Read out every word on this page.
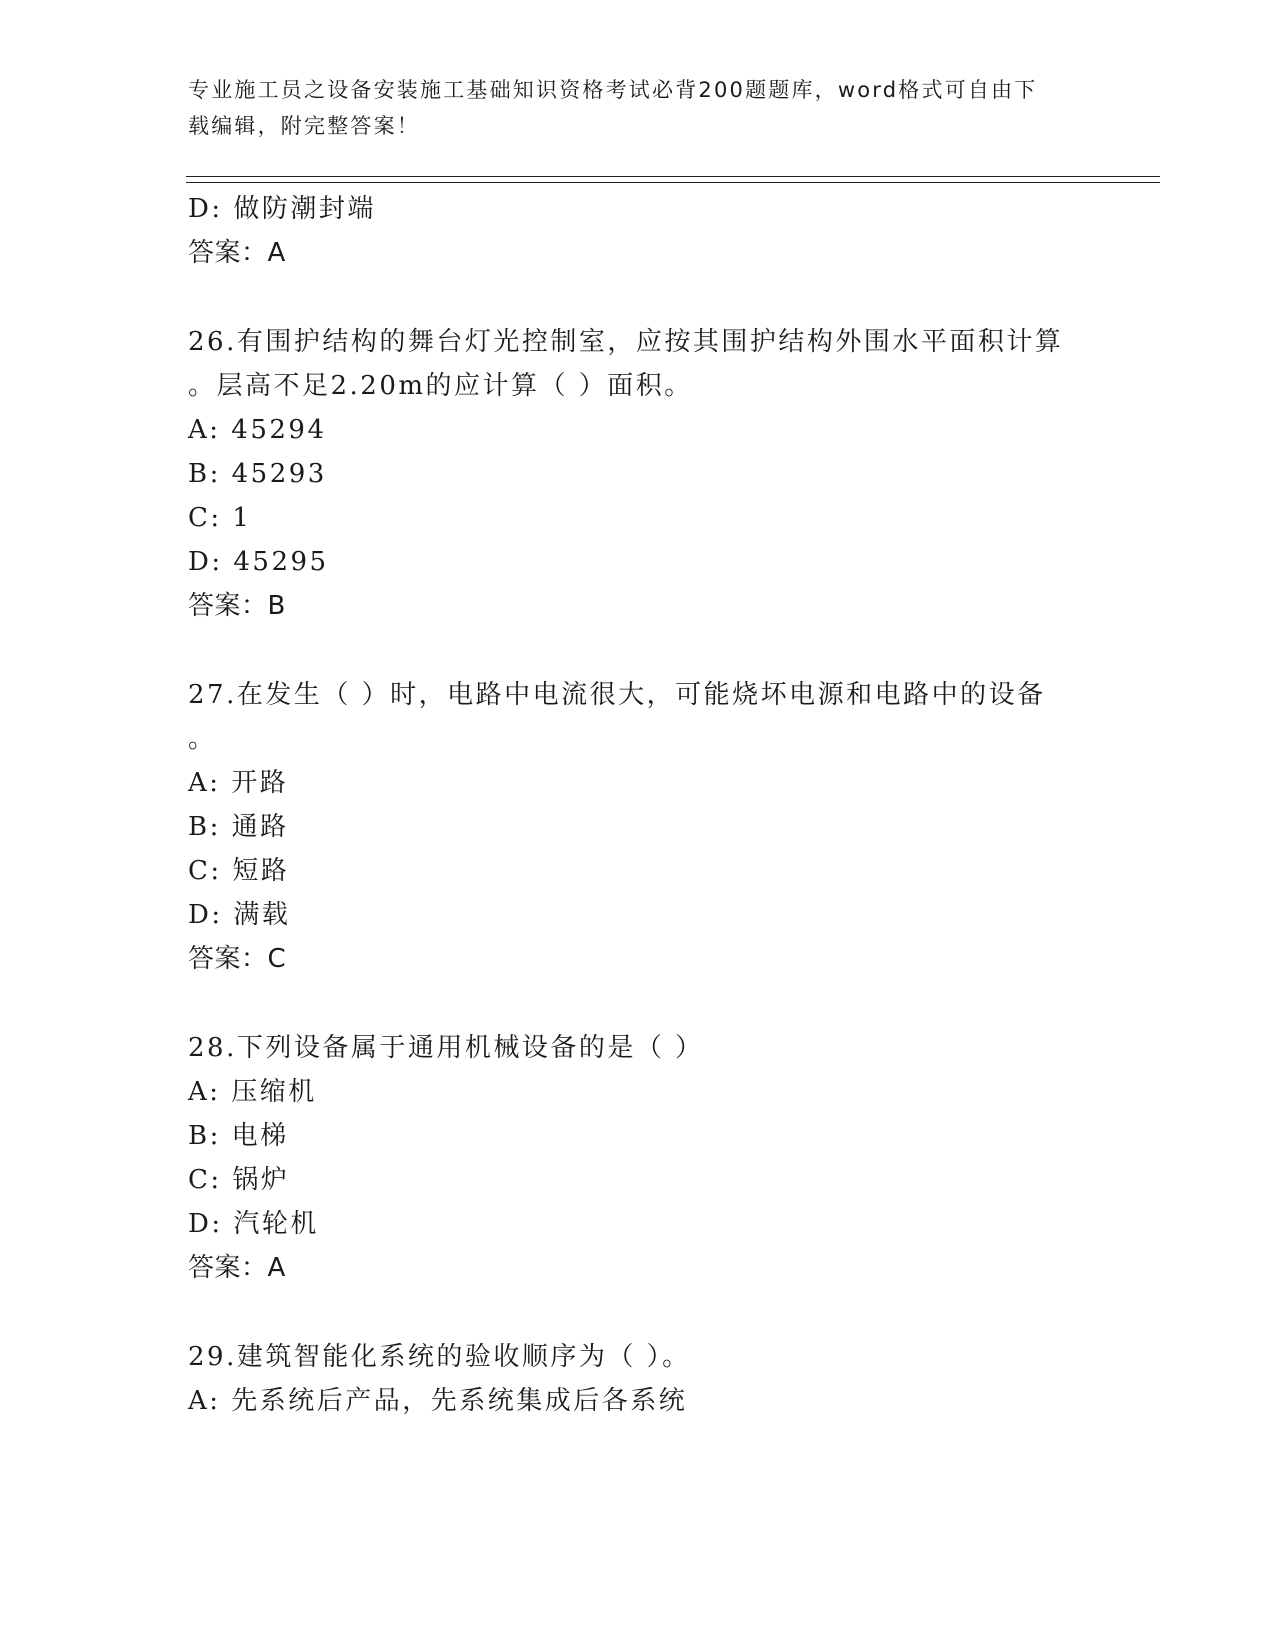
专业施工员之设备安装施工基础知识资格考试必背200题题库，word格式可自由下载编辑，附完整答案！
D: 做防潮封端
答案：A
26.有围护结构的舞台灯光控制室，应按其围护结构外围水平面积计算
。层高不足2.20m的应计算（ ）面积。
A: 45294
B: 45293
C: 1
D: 45295
答案：B
27.在发生（ ）时，电路中电流很大，可能烧坏电源和电路中的设备
。
A: 开路
B: 通路
C: 短路
D: 满载
答案：C
28.下列设备属于通用机械设备的是（ ）
A: 压缩机
B: 电梯
C: 锅炉
D: 汽轮机
答案：A
29.建筑智能化系统的验收顺序为（ ）。
A: 先系统后产品，先系统集成后各系统
